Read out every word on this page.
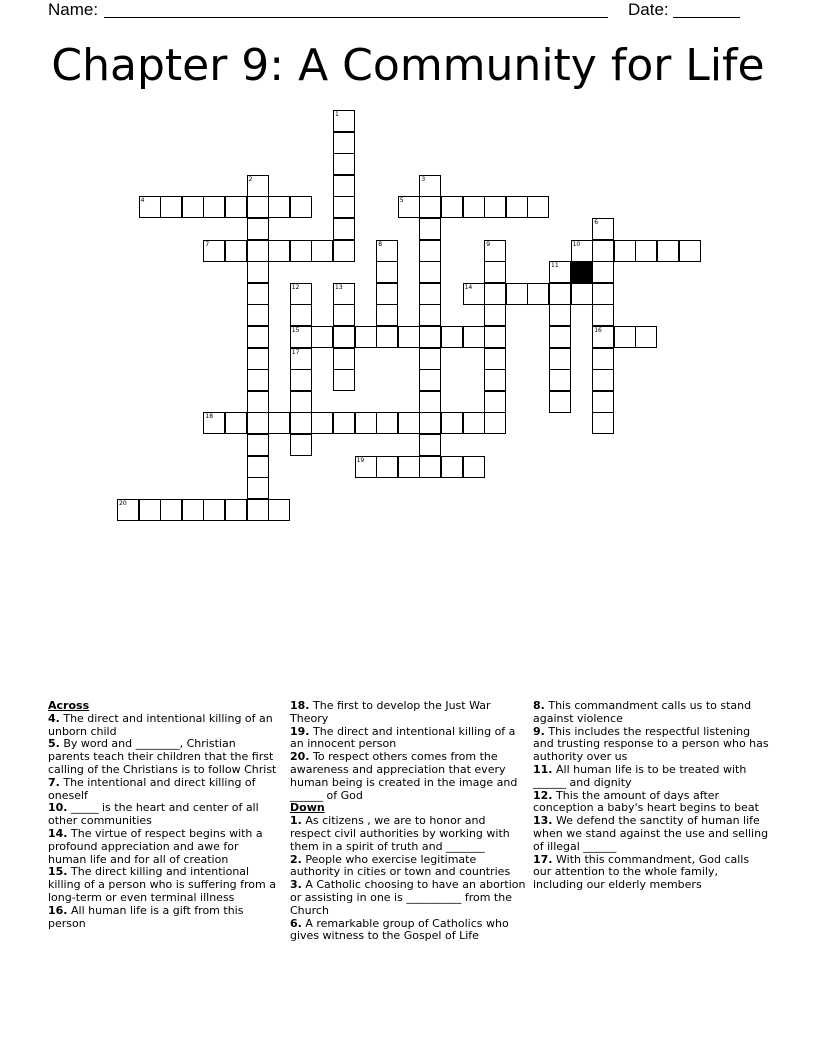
Name:	Date:
Chapter 9: A Community for Life
4	5
7	10
14
15	16
18
19
20
1
2	3
6
8	9
11
12	13
17

Across

4. The direct and intentional killing of an unborn child

5. By word and ________, Christian parents teach their children that the first calling of the Christians is to follow Christ

7. The intentional and direct killing of oneself

10. _____ is the heart and center of all other communities

14. The virtue of respect begins with a profound appreciation and awe for human life and for all of creation

15. The direct killing and intentional killing of a person who is suffering from a long-term or even terminal illness

16. All human life is a gift from this person

18. The first to develop the Just War Theory

19. The direct and intentional killing of a an innocent person

20. To respect others comes from the awareness and appreciation that every human being is created in the image and ______ of God

Down

1. As citizens , we are to honor and respect civil authorities by working with them in a spirit of truth and _______

2. People who exercise legitimate authority in cities or town and countries

3. A Catholic choosing to have an abortion or assisting in one is __________ from the Church

6. A remarkable group of Catholics who gives witness to the Gospel of Life

8. This commandment calls us to stand against violence

9. This includes the respectful listening and trusting response to a person who has authority over us

11. All human life is to be treated with ______ and dignity

12. This the amount of days after conception a baby's heart begins to beat

13. We defend the sanctity of human life when we stand against the use and selling of illegal ______

17. With this commandment, God calls our attention to the whole family, including our elderly members
